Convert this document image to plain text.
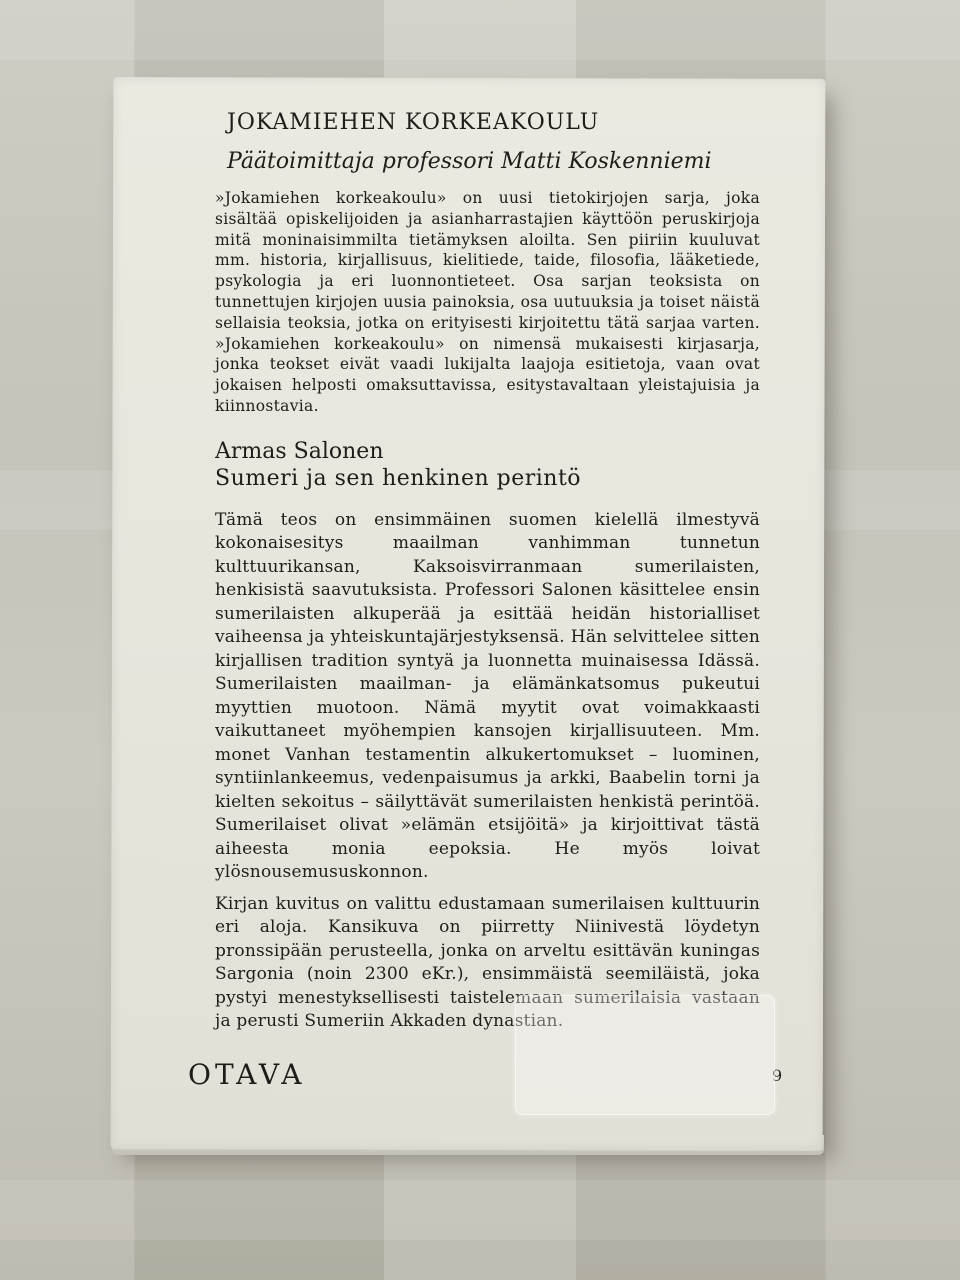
JOKAMIEHEN KORKEAKOULU
Päätoimittaja professori Matti Koskenniemi

»Jokamiehen korkeakoulu» on uusi tietokirjojen sarja, joka sisältää opiskelijoiden ja asianharrastajien käyttöön peruskirjoja mitä moninaisimmilta tietämyksen aloilta. Sen piiriin kuuluvat mm. historia, kirjallisuus, kielitiede, taide, filosofia, lääketiede, psykologia ja eri luonnontieteet. Osa sarjan teoksista on tunnettujen kirjojen uusia painoksia, osa uutuuksia ja toiset näistä sellaisia teoksia, jotka on erityisesti kirjoitettu tätä sarjaa varten. »Jokamiehen korkeakoulu» on nimensä mukaisesti kirjasarja, jonka teokset eivät vaadi lukijalta laajoja esitietoja, vaan ovat jokaisen helposti omaksuttavissa, esitystavaltaan yleistajuisia ja kiinnostavia.

Armas Salonen
Sumeri ja sen henkinen perintö

Tämä teos on ensimmäinen suomen kielellä ilmestyvä kokonaisesitys maailman vanhimman tunnetun kulttuurikansan, Kaksoisvirranmaan sumerilaisten, henkisistä saavutuksista. Professori Salonen käsittelee ensin sumerilaisten alkuperää ja esittää heidän historialliset vaiheensa ja yhteiskuntajärjestyksensä. Hän selvittelee sitten kirjallisen tradition syntyä ja luonnetta muinaisessa Idässä. Sumerilaisten maailman- ja elämänkatsomus pukeutui myyttien muotoon. Nämä myytit ovat voimakkaasti vaikuttaneet myöhempien kansojen kirjallisuuteen. Mm. monet Vanhan testamentin alkukertomukset – luominen, syntiinlankeemus, vedenpaisumus ja arkki, Baabelin torni ja kielten sekoitus – säilyttävät sumerilaisten henkistä perintöä. Sumerilaiset olivat »elämän etsijöitä» ja kirjoittivat tästä aiheesta monia eepoksia. He myös loivat ylösnousemususkonnon.

Kirjan kuvitus on valittu edustamaan sumerilaisen kulttuurin eri aloja. Kansikuva on piirretty Niinivestä löydetyn pronssipään perusteella, jonka on arveltu esittävän kuningas Sargonia (noin 2300 eKr.), ensimmäistä seemiläistä, joka pystyi menestyksellisesti taistelemaan sumerilaisia vastaan ja perusti Sumeriin Akkaden dynastian.

OTAVA	9
